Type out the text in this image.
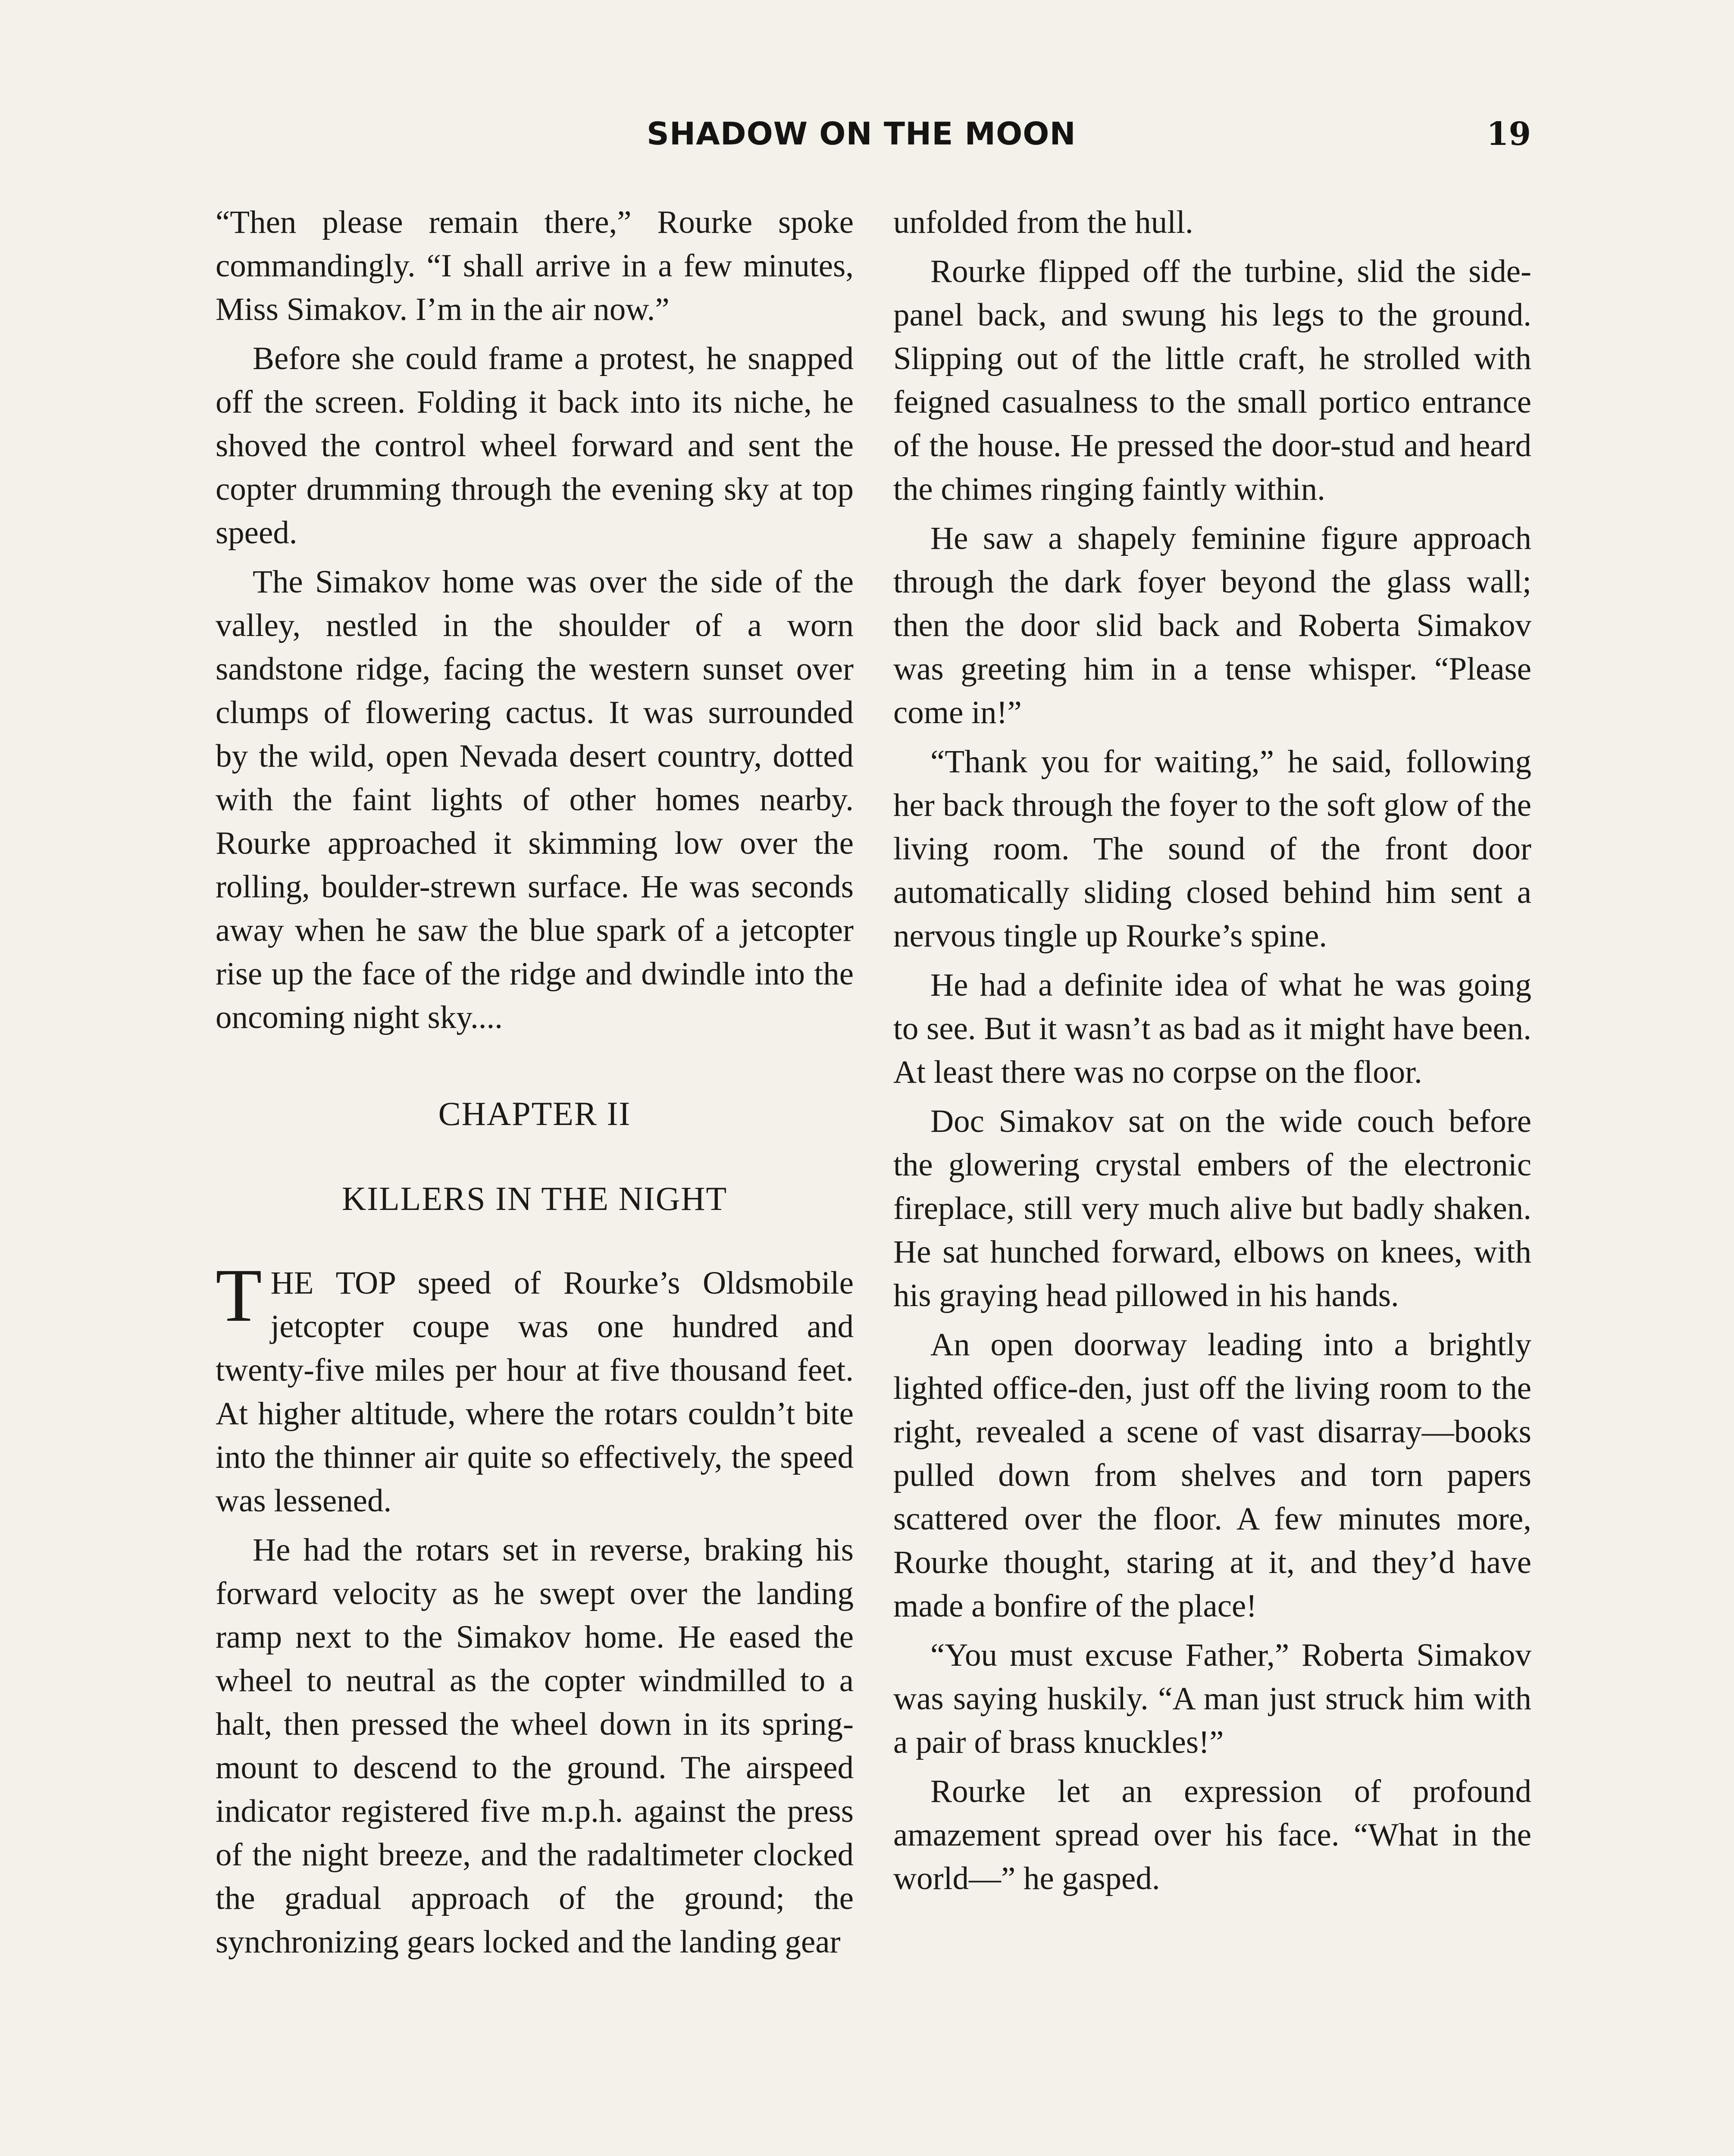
SHADOW ON THE MOON	19

“Then please remain there,” Rourke spoke commandingly. “I shall arrive in a few minutes, Miss Simakov. I’m in the air now.”

Before she could frame a protest, he snapped off the screen. Folding it back into its niche, he shoved the control wheel forward and sent the copter drumming through the evening sky at top speed.

The Simakov home was over the side of the valley, nestled in the shoulder of a worn sandstone ridge, facing the western sunset over clumps of flowering cactus. It was surrounded by the wild, open Nevada desert country, dotted with the faint lights of other homes nearby. Rourke approached it skimming low over the rolling, boulder-strewn surface. He was seconds away when he saw the blue spark of a jetcopter rise up the face of the ridge and dwindle into the oncoming night sky....

CHAPTER II
KILLERS IN THE NIGHT

THE TOP speed of Rourke’s Oldsmobile jetcopter coupe was one hundred and twenty-five miles per hour at five thousand feet. At higher altitude, where the rotars couldn’t bite into the thinner air quite so effectively, the speed was lessened.

He had the rotars set in reverse, braking his forward velocity as he swept over the landing ramp next to the Simakov home. He eased the wheel to neutral as the copter windmilled to a halt, then pressed the wheel down in its spring-mount to descend to the ground. The airspeed indicator registered five m.p.h. against the press of the night breeze, and the radaltimeter clocked the gradual approach of the ground; the synchronizing gears locked and the landing gear

unfolded from the hull.

Rourke flipped off the turbine, slid the side-panel back, and swung his legs to the ground. Slipping out of the little craft, he strolled with feigned casualness to the small portico entrance of the house. He pressed the door-stud and heard the chimes ringing faintly within.

He saw a shapely feminine figure approach through the dark foyer beyond the glass wall; then the door slid back and Roberta Simakov was greeting him in a tense whisper. “Please come in!”

“Thank you for waiting,” he said, following her back through the foyer to the soft glow of the living room. The sound of the front door automatically sliding closed behind him sent a nervous tingle up Rourke’s spine.

He had a definite idea of what he was going to see. But it wasn’t as bad as it might have been. At least there was no corpse on the floor.

Doc Simakov sat on the wide couch before the glowering crystal embers of the electronic fireplace, still very much alive but badly shaken. He sat hunched forward, elbows on knees, with his graying head pillowed in his hands.

An open doorway leading into a brightly lighted office-den, just off the living room to the right, revealed a scene of vast disarray—books pulled down from shelves and torn papers scattered over the floor. A few minutes more, Rourke thought, staring at it, and they’d have made a bonfire of the place!

“You must excuse Father,” Roberta Simakov was saying huskily. “A man just struck him with a pair of brass knuckles!”

Rourke let an expression of profound amazement spread over his face. “What in the world—” he gasped.
